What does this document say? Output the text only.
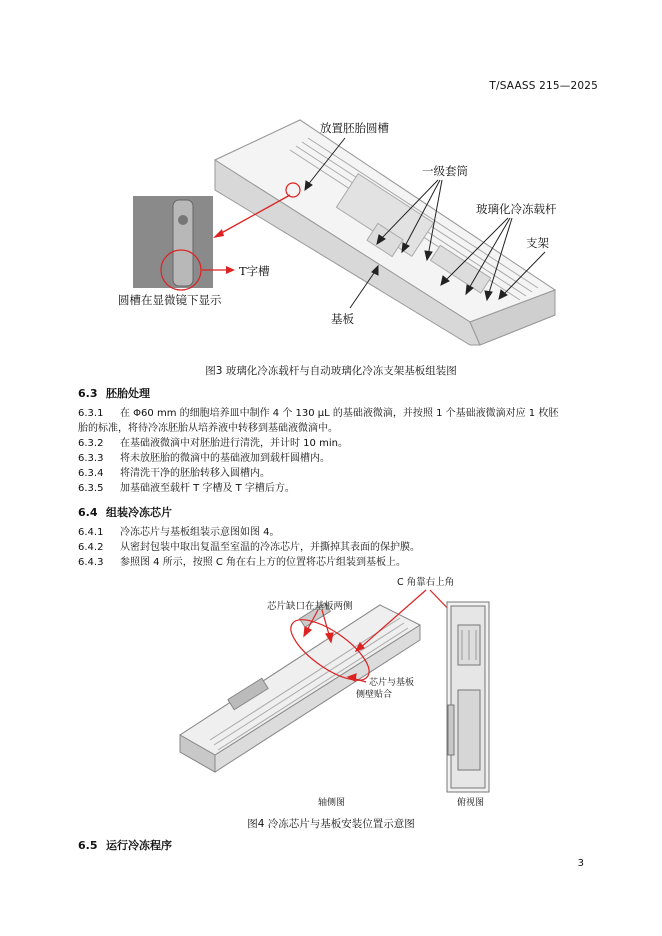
T/SAASS 215—2025
放置胚胎圆槽
一级套筒
玻璃化冷冻载杆
支架
T字槽
圆槽在显微镜下显示
基板
图3 玻璃化冷冻载杆与自动玻璃化冷冻支架基板组装图
6.3 胚胎处理
6.3.1 在 Φ60 mm 的细胞培养皿中制作 4 个 130 μL 的基础液微滴，并按照 1 个基础液微滴对应 1 枚胚
胎的标准，将待冷冻胚胎从培养液中转移到基础液微滴中。
6.3.2 在基础液微滴中对胚胎进行清洗，并计时 10 min。
6.3.3 将未放胚胎的微滴中的基础液加到载杆圆槽内。
6.3.4 将清洗干净的胚胎转移入圆槽内。
6.3.5 加基础液至载杆 T 字槽及 T 字槽后方。
6.4 组装冷冻芯片
6.4.1 冷冻芯片与基板组装示意图如图 4。
6.4.2 从密封包装中取出复温至室温的冷冻芯片，并撕掉其表面的保护膜。
6.4.3 参照图 4 所示，按照 C 角在右上方的位置将芯片组装到基板上。
C 角靠右上角
芯片缺口在基板两侧
芯片与基板
侧壁贴合
轴侧图	俯视图
图4 冷冻芯片与基板安装位置示意图
6.5 运行冷冻程序
3
